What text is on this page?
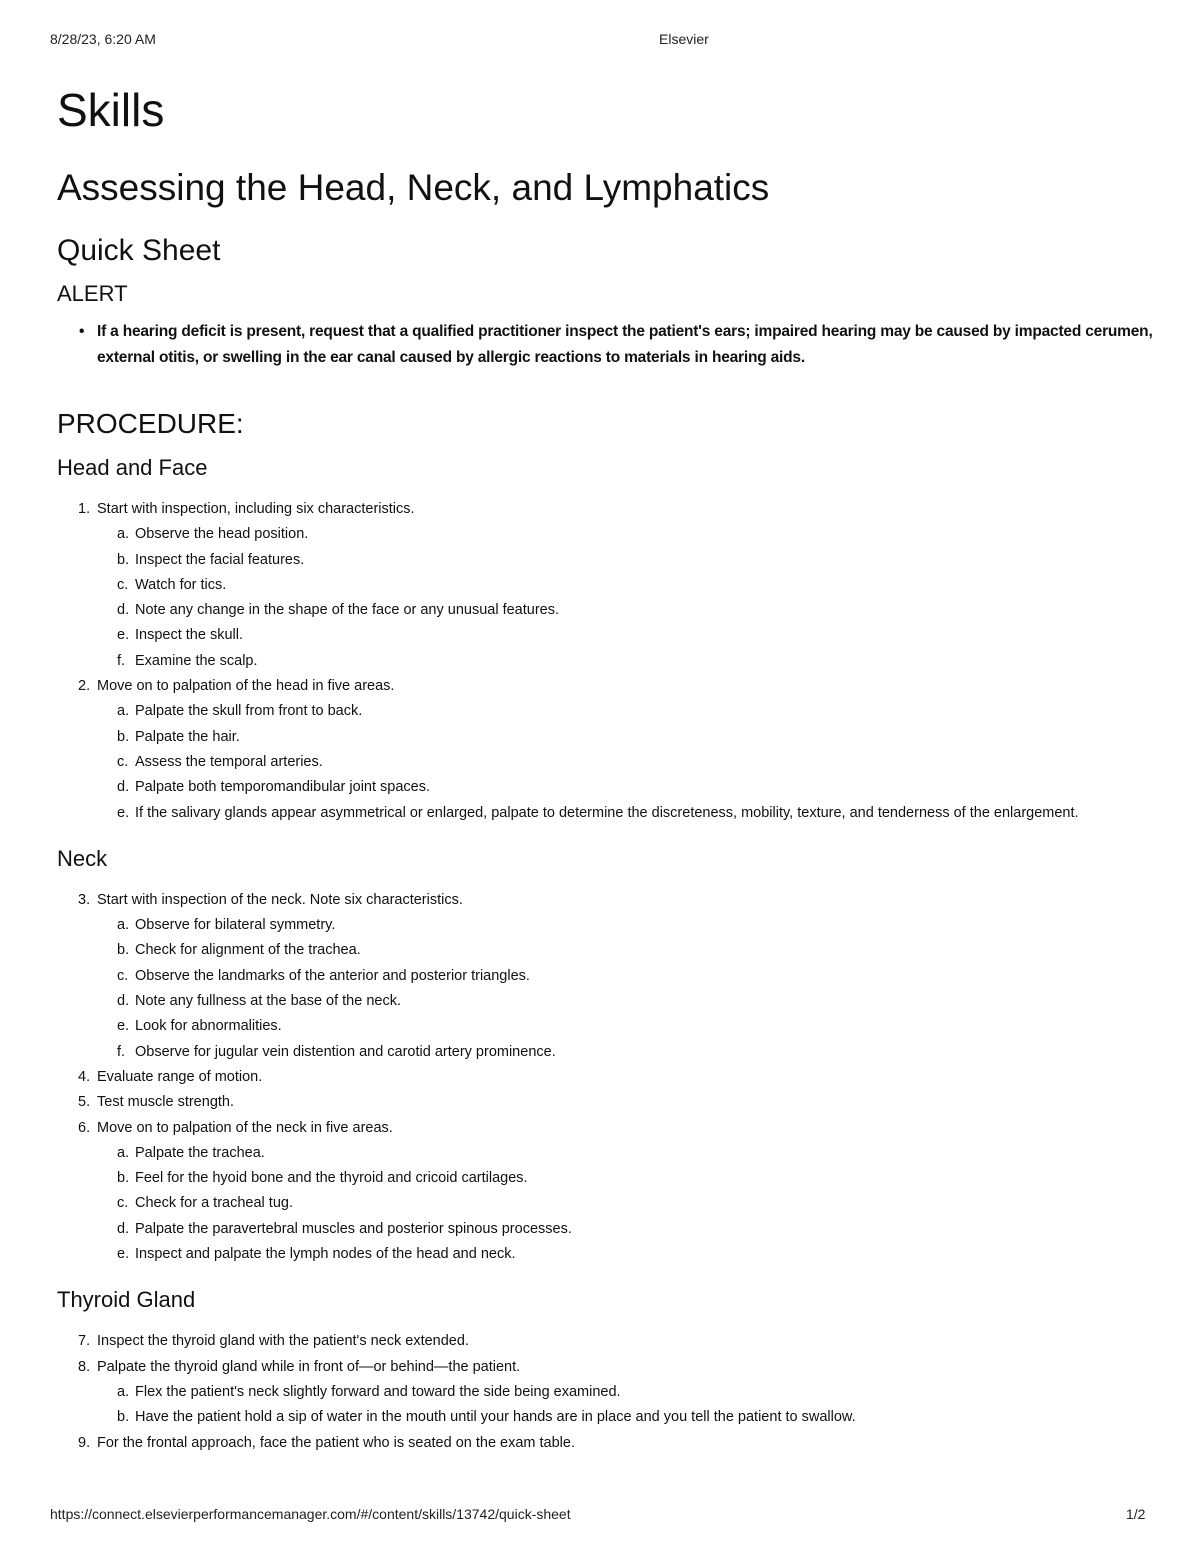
8/28/23, 6:20 AM	Elsevier
Skills
Assessing the Head, Neck, and Lymphatics
Quick Sheet
ALERT
• If a hearing deficit is present, request that a qualified practitioner inspect the patient's ears; impaired hearing may be caused by impacted cerumen, external otitis, or swelling in the ear canal caused by allergic reactions to materials in hearing aids.
PROCEDURE:
Head and Face
1. Start with inspection, including six characteristics.
a. Observe the head position.
b. Inspect the facial features.
c. Watch for tics.
d. Note any change in the shape of the face or any unusual features.
e. Inspect the skull.
f. Examine the scalp.
2. Move on to palpation of the head in five areas.
a. Palpate the skull from front to back.
b. Palpate the hair.
c. Assess the temporal arteries.
d. Palpate both temporomandibular joint spaces.
e. If the salivary glands appear asymmetrical or enlarged, palpate to determine the discreteness, mobility, texture, and tenderness of the enlargement.
Neck
3. Start with inspection of the neck. Note six characteristics.
a. Observe for bilateral symmetry.
b. Check for alignment of the trachea.
c. Observe the landmarks of the anterior and posterior triangles.
d. Note any fullness at the base of the neck.
e. Look for abnormalities.
f. Observe for jugular vein distention and carotid artery prominence.
4. Evaluate range of motion.
5. Test muscle strength.
6. Move on to palpation of the neck in five areas.
a. Palpate the trachea.
b. Feel for the hyoid bone and the thyroid and cricoid cartilages.
c. Check for a tracheal tug.
d. Palpate the paravertebral muscles and posterior spinous processes.
e. Inspect and palpate the lymph nodes of the head and neck.
Thyroid Gland
7. Inspect the thyroid gland with the patient's neck extended.
8. Palpate the thyroid gland while in front of—or behind—the patient.
a. Flex the patient's neck slightly forward and toward the side being examined.
b. Have the patient hold a sip of water in the mouth until your hands are in place and you tell the patient to swallow.
9. For the frontal approach, face the patient who is seated on the exam table.
https://connect.elsevierperformancemanager.com/#/content/skills/13742/quick-sheet	1/2
